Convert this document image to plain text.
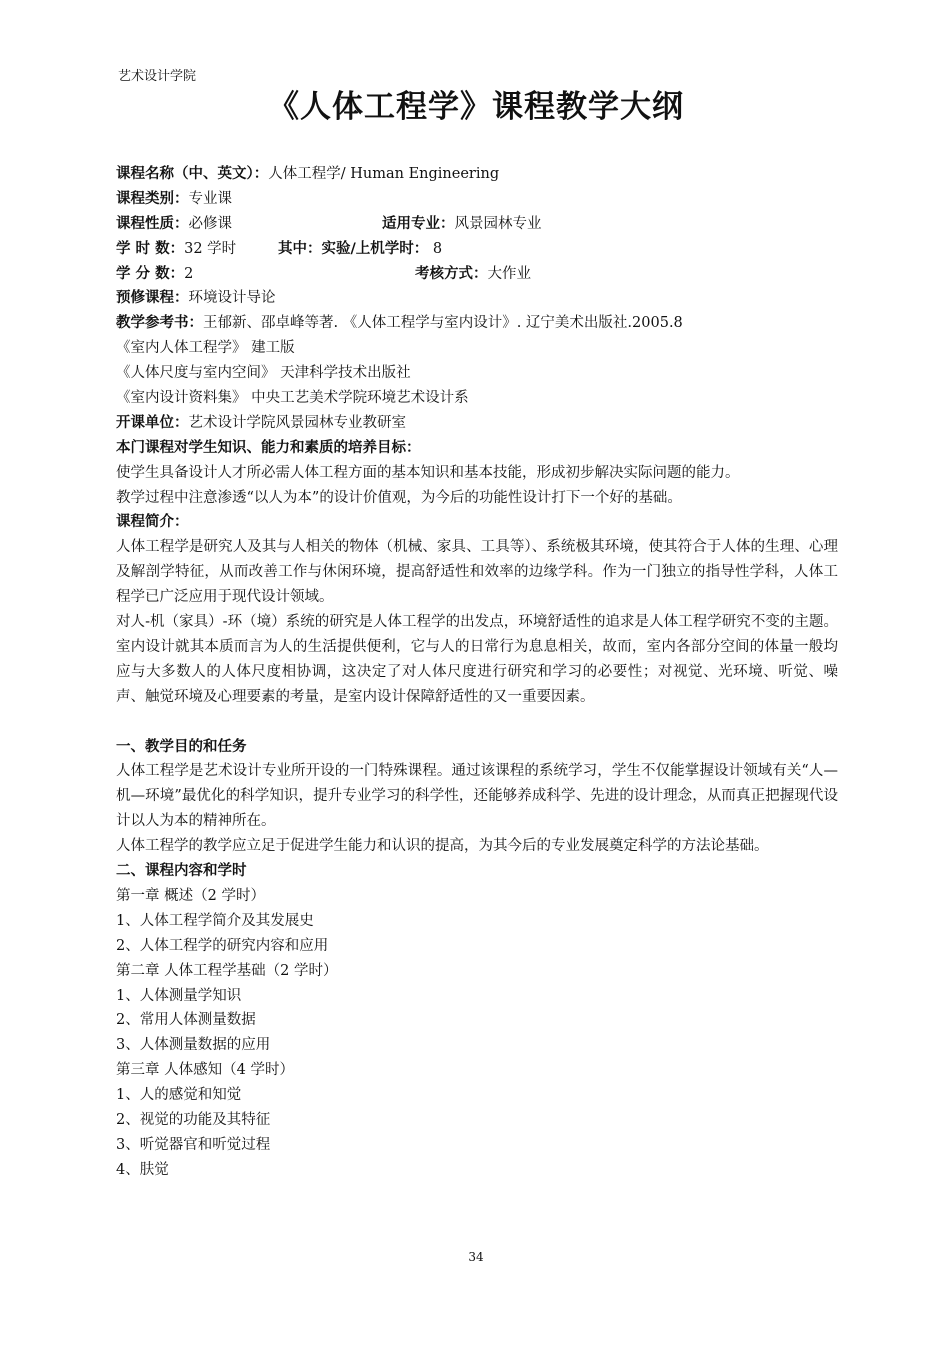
艺术设计学院
《人体工程学》课程教学大纲
课程名称（中、英文）：人体工程学/ Human Engineering
课程类别：专业课
课程性质：必修课	适用专业：风景园林专业
学 时 数：32 学时	其中：实验/上机学时： 8
学 分 数：2	考核方式：大作业
预修课程：环境设计导论
教学参考书：王郁新、邵卓峰等著. 《人体工程学与室内设计》. 辽宁美术出版社.2005.8
《室内人体工程学》 建工版
《人体尺度与室内空间》 天津科学技术出版社
《室内设计资料集》 中央工艺美术学院环境艺术设计系
开课单位：艺术设计学院风景园林专业教研室
本门课程对学生知识、能力和素质的培养目标：
使学生具备设计人才所必需人体工程方面的基本知识和基本技能，形成初步解决实际问题的能力。
教学过程中注意渗透“以人为本”的设计价值观，为今后的功能性设计打下一个好的基础。
课程简介：
人体工程学是研究人及其与人相关的物体（机械、家具、工具等）、系统极其环境，使其符合于人体的生理、心理及解剖学特征，从而改善工作与休闲环境，提高舒适性和效率的边缘学科。作为一门独立的指导性学科，人体工程学已广泛应用于现代设计领域。
对人-机（家具）-环（境）系统的研究是人体工程学的出发点，环境舒适性的追求是人体工程学研究不变的主题。室内设计就其本质而言为人的生活提供便利，它与人的日常行为息息相关，故而，室内各部分空间的体量一般均应与大多数人的人体尺度相协调，这决定了对人体尺度进行研究和学习的必要性；对视觉、光环境、听觉、噪声、触觉环境及心理要素的考量，是室内设计保障舒适性的又一重要因素。
一、教学目的和任务
人体工程学是艺术设计专业所开设的一门特殊课程。通过该课程的系统学习，学生不仅能掌握设计领域有关“人—机—环境”最优化的科学知识，提升专业学习的科学性，还能够养成科学、先进的设计理念，从而真正把握现代设计以人为本的精神所在。
人体工程学的教学应立足于促进学生能力和认识的提高，为其今后的专业发展奠定科学的方法论基础。
二、课程内容和学时
第一章 概述（2 学时）
1、人体工程学简介及其发展史
2、人体工程学的研究内容和应用
第二章 人体工程学基础（2 学时）
1、人体测量学知识
2、常用人体测量数据
3、人体测量数据的应用
第三章 人体感知（4 学时）
1、人的感觉和知觉
2、视觉的功能及其特征
3、听觉器官和听觉过程
4、肤觉
34
